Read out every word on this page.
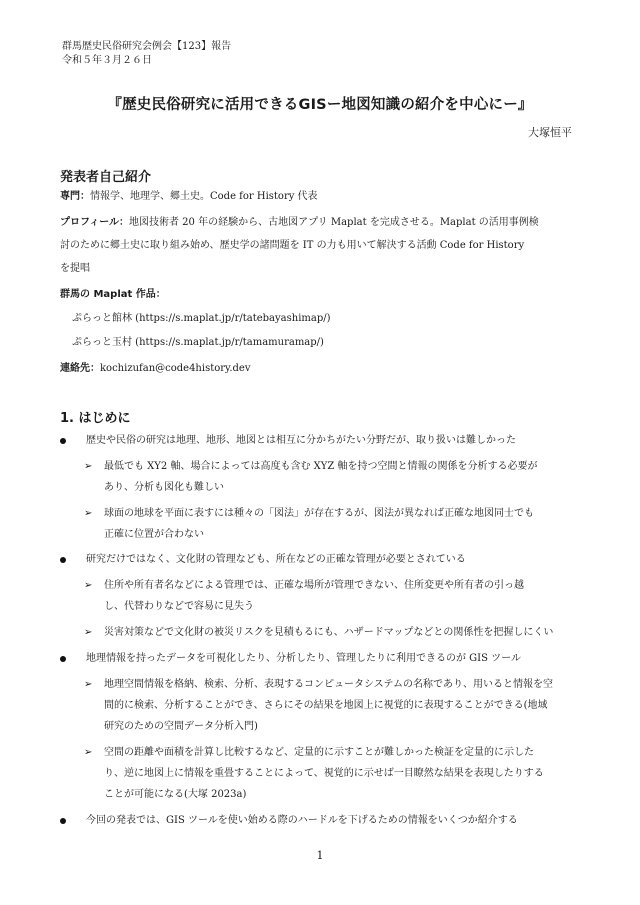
群馬歴史民俗研究会例会【123】報告
令和５年３月２６日
『歴史民俗研究に活用できるGISー地図知識の紹介を中心にー』
大塚恒平
発表者自己紹介
専門：情報学、地理学、郷土史。Code for History 代表
プロフィール：地図技術者 20 年の経験から、古地図アプリ Maplat を完成させる。Maplat の活用事例検
討のために郷土史に取り組み始め、歴史学の諸問題を IT の力も用いて解決する活動 Code for History
を提唱
群馬の Maplat 作品：
ぷらっと館林 (https://s.maplat.jp/r/tatebayashimap/)
ぷらっと玉村 (https://s.maplat.jp/r/tamamuramap/)
連絡先：kochizufan@code4history.dev
1. はじめに
歴史や民俗の研究は地理、地形、地図とは相互に分かちがたい分野だが、取り扱いは難しかった
➢ 最低でも XY2 軸、場合によっては高度も含む XYZ 軸を持つ空間と情報の関係を分析する必要が
あり、分析も図化も難しい
➢ 球面の地球を平面に表すには種々の「図法」が存在するが、図法が異なれば正確な地図同士でも
正確に位置が合わない
研究だけではなく、文化財の管理なども、所在などの正確な管理が必要とされている
➢ 住所や所有者名などによる管理では、正確な場所が管理できない、住所変更や所有者の引っ越
し、代替わりなどで容易に見失う
➢ 災害対策などで文化財の被災リスクを見積もるにも、ハザードマップなどとの関係性を把握しにくい
地理情報を持ったデータを可視化したり、分析したり、管理したりに利用できるのが GIS ツール
➢ 地理空間情報を格納、検索、分析、表現するコンピュータシステムの名称であり、用いると情報を空
間的に検索、分析することができ、さらにその結果を地図上に視覚的に表現することができる(地域
研究のための空間データ分析入門)
➢ 空間の距離や面積を計算し比較するなど、定量的に示すことが難しかった検証を定量的に示した
り、逆に地図上に情報を重畳することによって、視覚的に示せば一目瞭然な結果を表現したりする
ことが可能になる(大塚 2023a)
今回の発表では、GIS ツールを使い始める際のハードルを下げるための情報をいくつか紹介する
1
